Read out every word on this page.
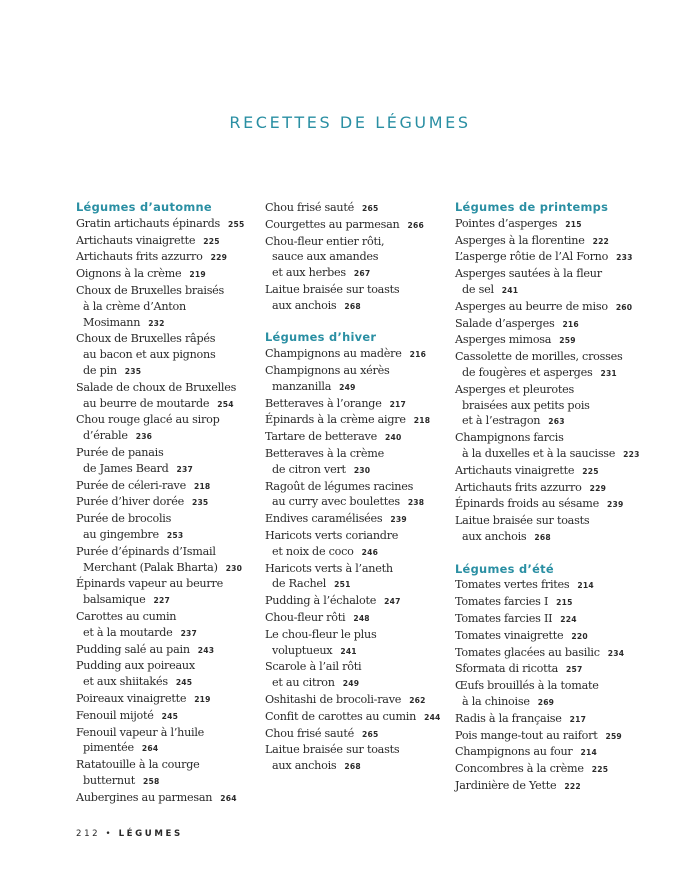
RECETTES DE LÉGUMES
Légumes d’automne
Gratin artichauts épinards 255
Artichauts vinaigrette 225
Artichauts frits azzurro 229
Oignons à la crème 219
Choux de Bruxelles braisés
à la crème d’Anton
Mosimann 232
Choux de Bruxelles râpés
au bacon et aux pignons
de pin 235
Salade de choux de Bruxelles
au beurre de moutarde 254
Chou rouge glacé au sirop
d’érable 236
Purée de panais
de James Beard 237
Purée de céleri-rave 218
Purée d’hiver dorée 235
Purée de brocolis
au gingembre 253
Purée d’épinards d’Ismail
Merchant (Palak Bharta) 230
Épinards vapeur au beurre
balsamique 227
Carottes au cumin
et à la moutarde 237
Pudding salé au pain 243
Pudding aux poireaux
et aux shiitakés 245
Poireaux vinaigrette 219
Fenouil mijoté 245
Fenouil vapeur à l’huile
pimentée 264
Ratatouille à la courge
butternut 258
Aubergines au parmesan 264
Chou frisé sauté 265
Courgettes au parmesan 266
Chou-fleur entier rôti,
sauce aux amandes
et aux herbes 267
Laitue braisée sur toasts
aux anchois 268
Légumes d’hiver
Champignons au madère 216
Champignons au xérès
manzanilla 249
Betteraves à l’orange 217
Épinards à la crème aigre 218
Tartare de betterave 240
Betteraves à la crème
de citron vert 230
Ragoût de légumes racines
au curry avec boulettes 238
Endives caramélisées 239
Haricots verts coriandre
et noix de coco 246
Haricots verts à l’aneth
de Rachel 251
Pudding à l’échalote 247
Chou-fleur rôti 248
Le chou-fleur le plus
voluptueux 241
Scarole à l’ail rôti
et au citron 249
Oshitashi de brocoli-rave 262
Confit de carottes au cumin 244
Chou frisé sauté 265
Laitue braisée sur toasts
aux anchois 268
Légumes de printemps
Pointes d’asperges 215
Asperges à la florentine 222
L’asperge rôtie de l’Al Forno 233
Asperges sautées à la fleur
de sel 241
Asperges au beurre de miso 260
Salade d’asperges 216
Asperges mimosa 259
Cassolette de morilles, crosses
de fougères et asperges 231
Asperges et pleurotes
braisées aux petits pois
et à l’estragon 263
Champignons farcis
à la duxelles et à la saucisse 223
Artichauts vinaigrette 225
Artichauts frits azzurro 229
Épinards froids au sésame 239
Laitue braisée sur toasts
aux anchois 268
Légumes d’été
Tomates vertes frites 214
Tomates farcies I 215
Tomates farcies II 224
Tomates vinaigrette 220
Tomates glacées au basilic 234
Sformata di ricotta 257
Œufs brouillés à la tomate
à la chinoise 269
Radis à la française 217
Pois mange-tout au raifort 259
Champignons au four 214
Concombres à la crème 225
Jardinière de Yette 222
212 • LÉGUMES
